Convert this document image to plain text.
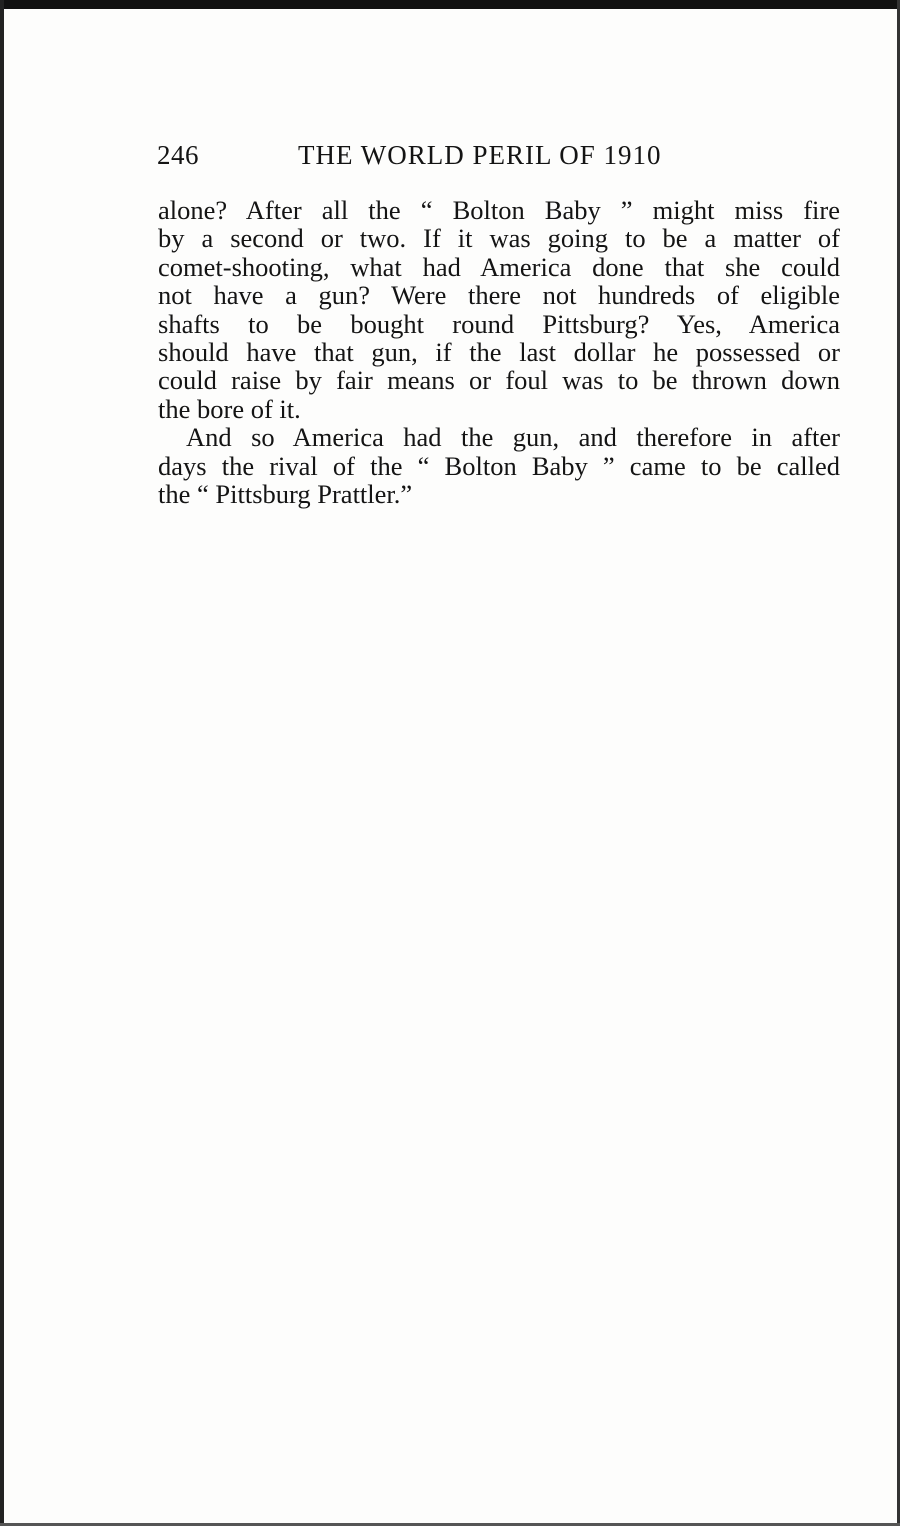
246	THE WORLD PERIL OF 1910
alone? After all the “ Bolton Baby ” might miss fire
by a second or two. If it was going to be a matter of
comet-shooting, what had America done that she could
not have a gun? Were there not hundreds of eligible
shafts to be bought round Pittsburg? Yes, America
should have that gun, if the last dollar he possessed or
could raise by fair means or foul was to be thrown down
the bore of it.
And so America had the gun, and therefore in after
days the rival of the “ Bolton Baby ” came to be called
the “ Pittsburg Prattler.”
